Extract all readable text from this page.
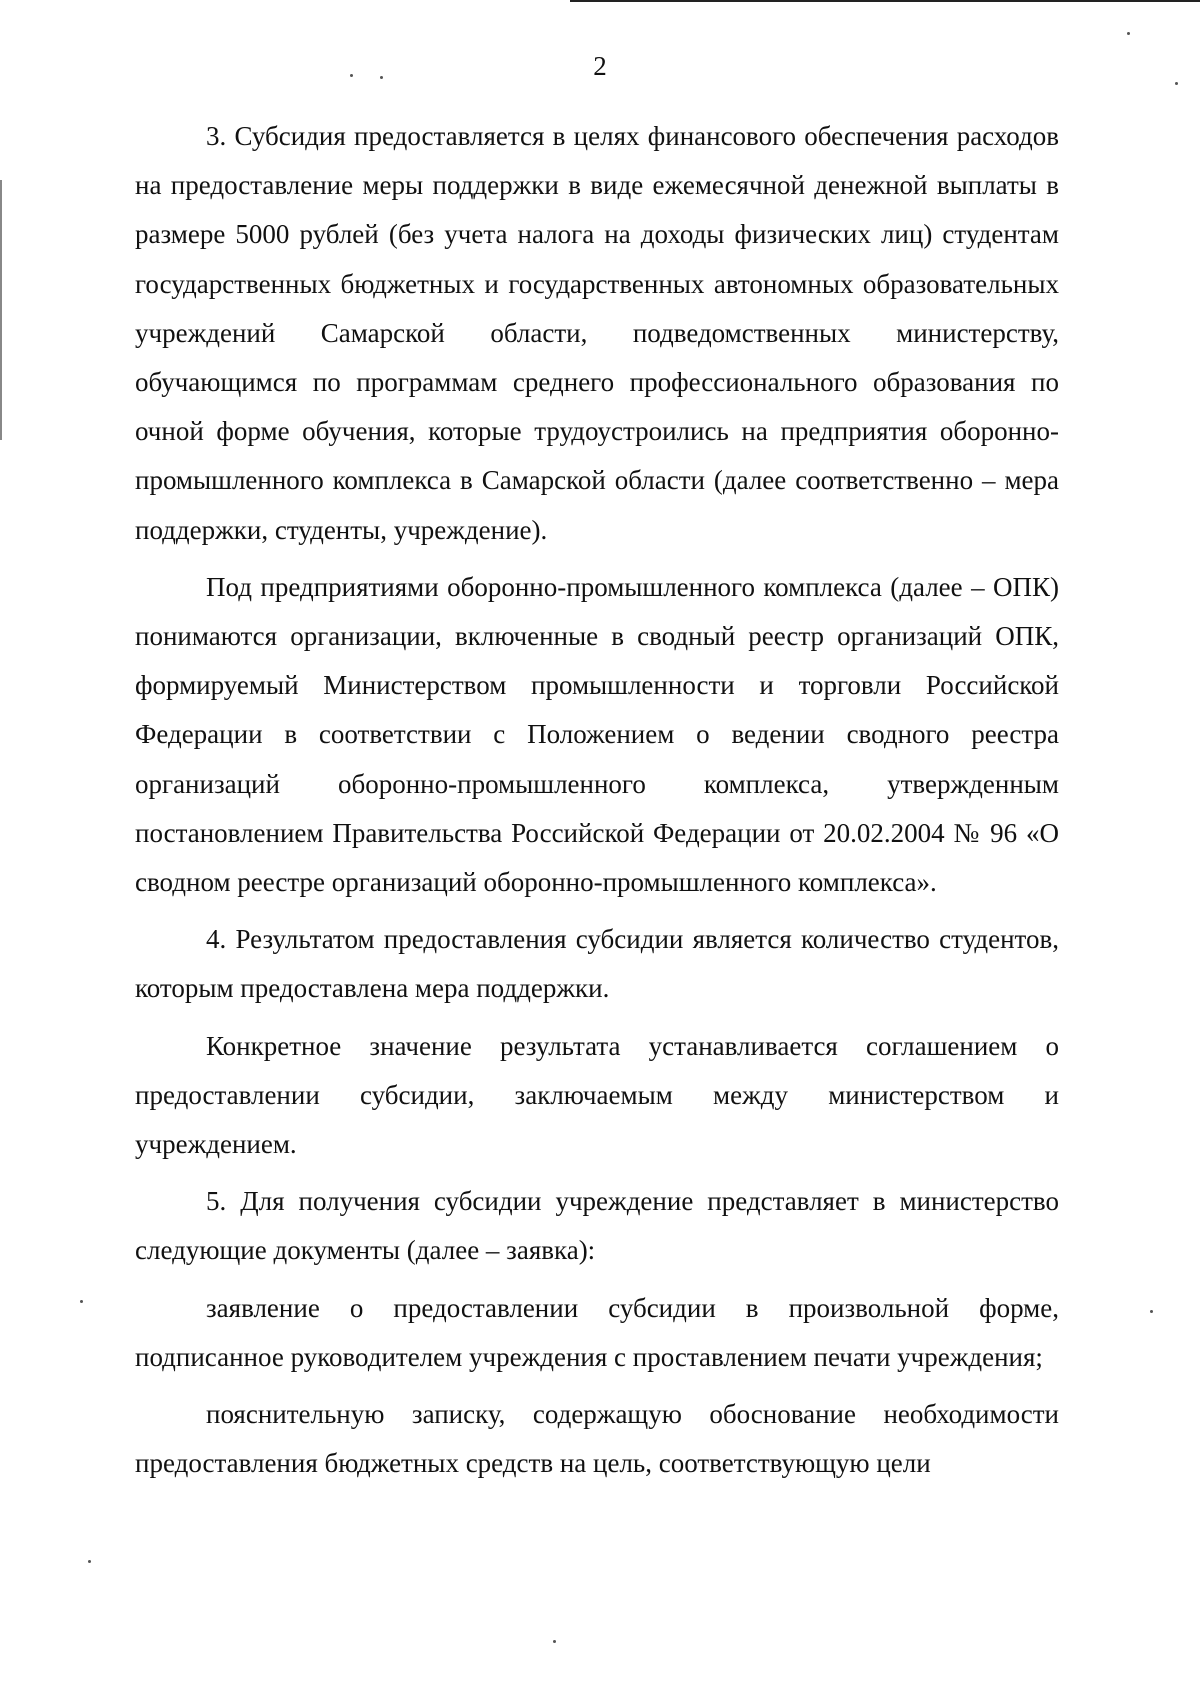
2

3. Субсидия предоставляется в целях финансового обеспечения расходов на предоставление меры поддержки в виде ежемесячной денежной выплаты в размере 5000 рублей (без учета налога на доходы физических лиц) студентам государственных бюджетных и государственных автономных образовательных учреждений Самарской области, подведомственных министерству, обучающимся по программам среднего профессионального образования по очной форме обучения, которые трудоустроились на предприятия оборонно-промышленного комплекса в Самарской области (далее соответственно – мера поддержки, студенты, учреждение).

Под предприятиями оборонно-промышленного комплекса (далее – ОПК) понимаются организации, включенные в сводный реестр организаций ОПК, формируемый Министерством промышленности и торговли Российской Федерации в соответствии с Положением о ведении сводного реестра организаций оборонно-промышленного комплекса, утвержденным постановлением Правительства Российской Федерации от 20.02.2004 № 96 «О сводном реестре организаций оборонно-промышленного комплекса».

4. Результатом предоставления субсидии является количество студентов, которым предоставлена мера поддержки.

Конкретное значение результата устанавливается соглашением о предоставлении субсидии, заключаемым между министерством и учреждением.

5. Для получения субсидии учреждение представляет в министерство следующие документы (далее – заявка):

заявление о предоставлении субсидии в произвольной форме, подписанное руководителем учреждения с проставлением печати учреждения;

пояснительную записку, содержащую обоснование необходимости предоставления бюджетных средств на цель, соответствующую цели
